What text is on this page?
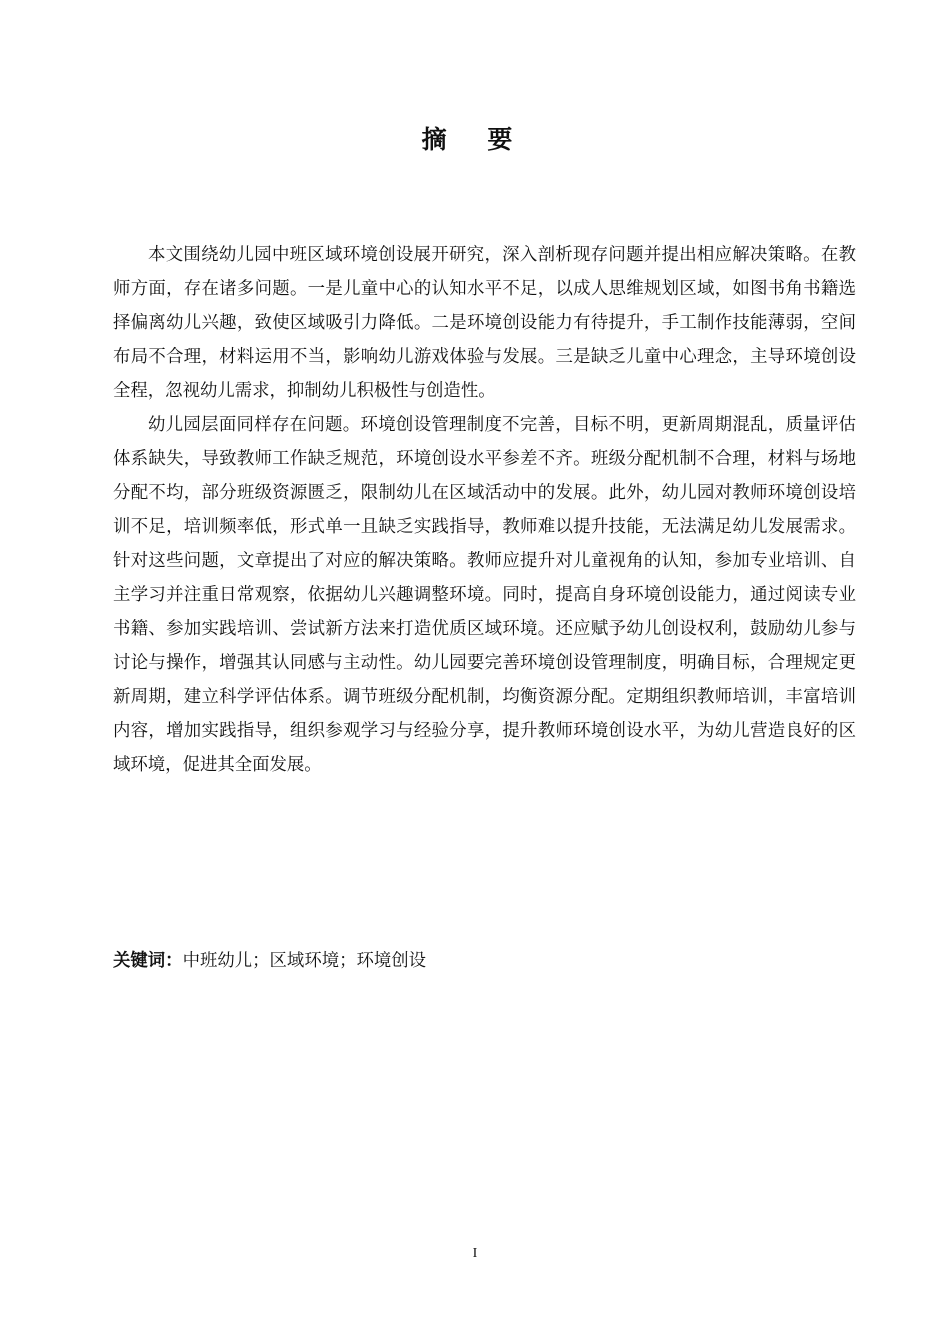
摘 要

本文围绕幼儿园中班区域环境创设展开研究，深入剖析现存问题并提出相应解决策略。在教师方面，存在诸多问题。一是儿童中心的认知水平不足，以成人思维规划区域，如图书角书籍选择偏离幼儿兴趣，致使区域吸引力降低。二是环境创设能力有待提升，手工制作技能薄弱，空间布局不合理，材料运用不当，影响幼儿游戏体验与发展。三是缺乏儿童中心理念，主导环境创设全程，忽视幼儿需求，抑制幼儿积极性与创造性。

幼儿园层面同样存在问题。环境创设管理制度不完善，目标不明，更新周期混乱，质量评估体系缺失，导致教师工作缺乏规范，环境创设水平参差不齐。班级分配机制不合理，材料与场地分配不均，部分班级资源匮乏，限制幼儿在区域活动中的发展。此外，幼儿园对教师环境创设培训不足，培训频率低，形式单一且缺乏实践指导，教师难以提升技能，无法满足幼儿发展需求。针对这些问题，文章提出了对应的解决策略。教师应提升对儿童视角的认知，参加专业培训、自主学习并注重日常观察，依据幼儿兴趣调整环境。同时，提高自身环境创设能力，通过阅读专业书籍、参加实践培训、尝试新方法来打造优质区域环境。还应赋予幼儿创设权利，鼓励幼儿参与讨论与操作，增强其认同感与主动性。幼儿园要完善环境创设管理制度，明确目标，合理规定更新周期，建立科学评估体系。调节班级分配机制，均衡资源分配。定期组织教师培训，丰富培训内容，增加实践指导，组织参观学习与经验分享，提升教师环境创设水平，为幼儿营造良好的区域环境，促进其全面发展。

关键词：中班幼儿；区域环境；环境创设
I
